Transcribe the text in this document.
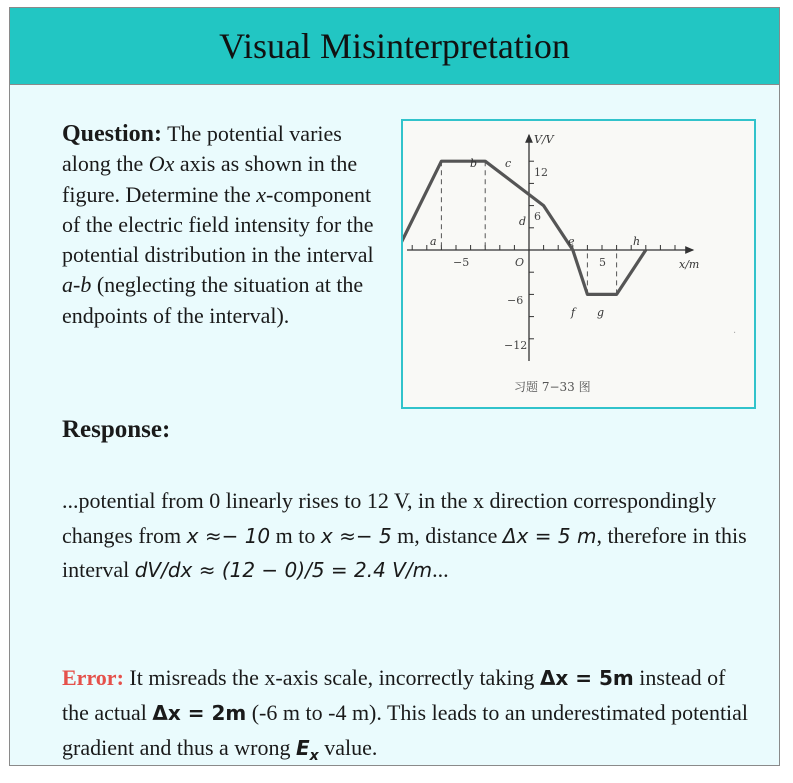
Visual Misinterpretation
Question: The potential varies along the Ox axis as shown in the figure. Determine the x-component of the electric field intensity for the potential distribution in the interval a-b (neglecting the situation at the endpoints of the interval).
V/V
x/m
12
6
−6
−12
−5	5
O
a
b	c
d
e
f g
h
习题 7−33 图
·
Response:
...potential from 0 linearly rises to 12 V, in the x direction correspondingly changes from x ≈− 10 m to x ≈− 5 m, distance Δx = 5 m, therefore in this interval dV/dx ≈ (12 − 0)/5 = 2.4 V/m...
Error: It misreads the x-axis scale, incorrectly taking Δx = 5m instead of the actual Δx = 2m (-6 m to -4 m). This leads to an underestimated potential gradient and thus a wrong $E_x$ value.
